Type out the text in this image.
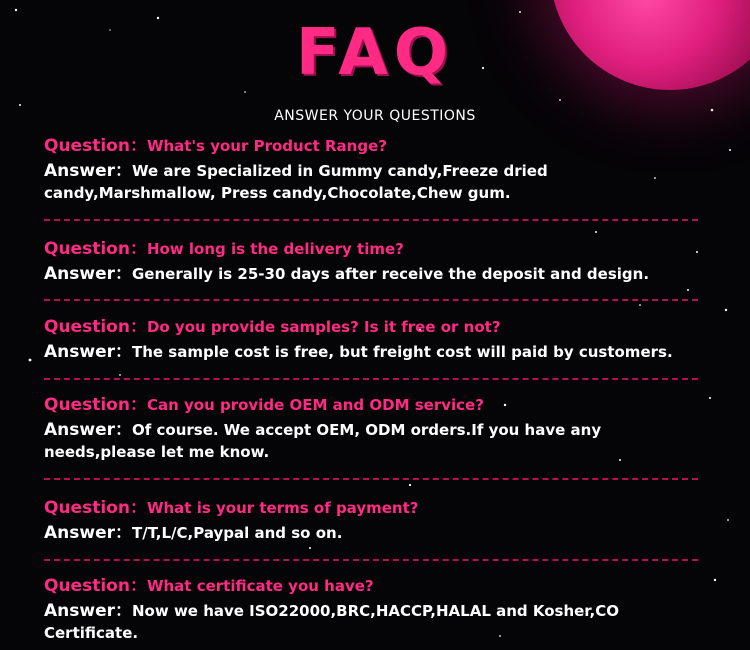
FAQ
ANSWER YOUR QUESTIONS
Question：What's your Product Range?
Answer：We are Specialized in Gummy candy,Freeze dried candy,Marshmallow, Press candy,Chocolate,Chew gum.
Question：How long is the delivery time?
Answer：Generally is 25-30 days after receive the deposit and design.
Question：Do you provide samples? Is it free or not?
Answer：The sample cost is free, but freight cost will paid by customers.
Question：Can you provide OEM and ODM service?
Answer：Of course. We accept OEM, ODM orders.If you have any needs,please let me know.
Question：What is your terms of payment?
Answer：T/T,L/C,Paypal and so on.
Question：What certificate you have?
Answer：Now we have ISO22000,BRC,HACCP,HALAL and Kosher,CO Certificate.
